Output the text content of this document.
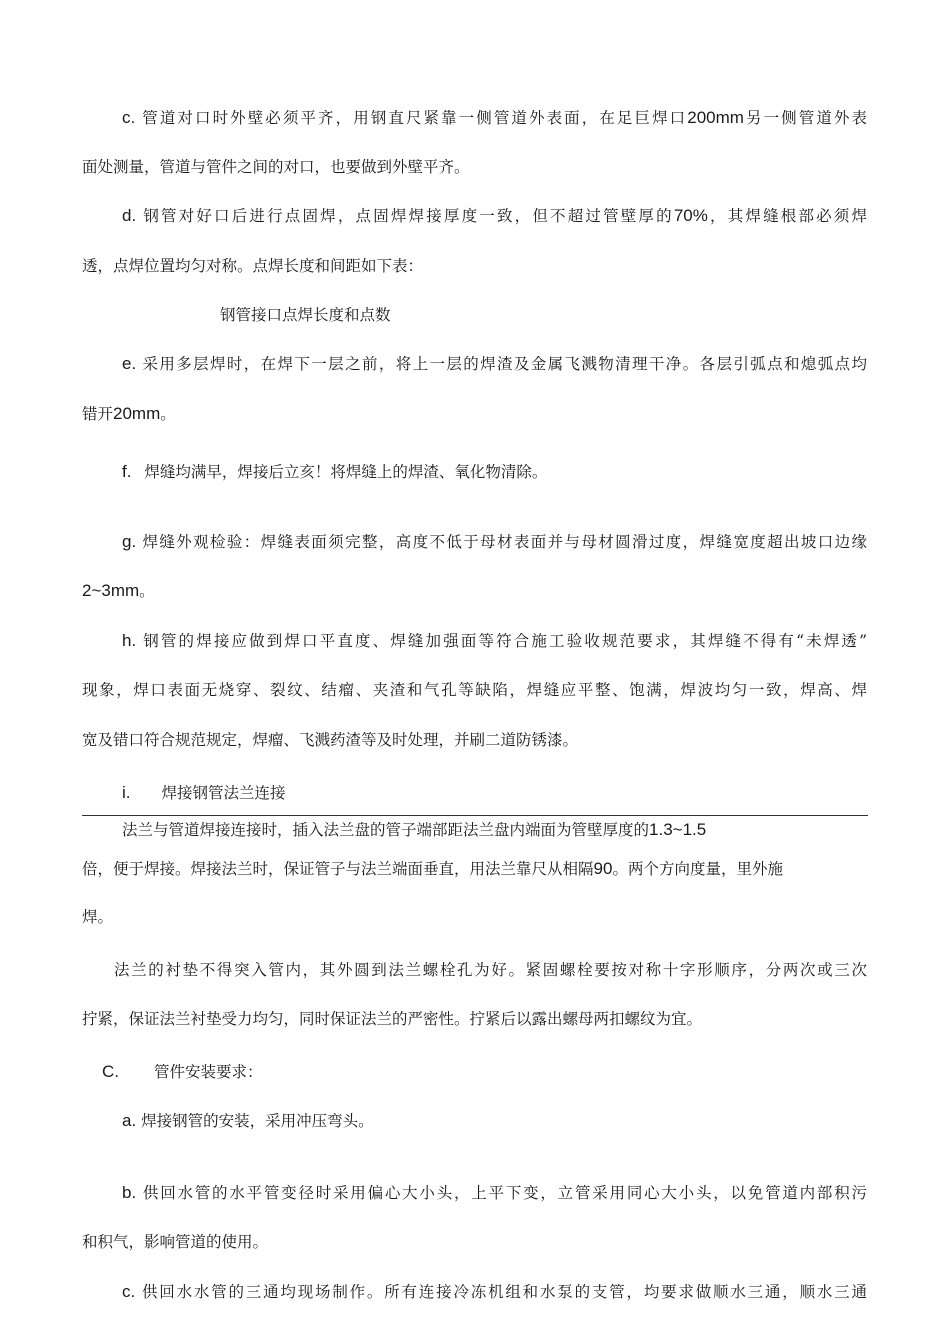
c. 管道对口时外壁必须平齐，用钢直尺紧靠一侧管道外表面，在足巨焊口200mm另一侧管道外表
面处测量，管道与管件之间的对口，也要做到外壁平齐。
d. 钢管对好口后进行点固焊，点固焊焊接厚度一致，但不超过管壁厚的70%，其焊缝根部必须焊
透，点焊位置均匀对称。点焊长度和间距如下表：
钢管接口点焊长度和点数
e. 采用多层焊时，在焊下一层之前，将上一层的焊渣及金属飞溅物清理干净。各层引弧点和熄弧点均
错开20mm。
f. 焊缝均满早，焊接后立亥！将焊缝上的焊渣、氧化物清除。
g. 焊缝外观检验：焊缝表面须完整，高度不低于母材表面并与母材圆滑过度，焊缝宽度超出坡口边缘
2~3mm。
h. 钢管的焊接应做到焊口平直度、焊缝加强面等符合施工验收规范要求，其焊缝不得有“未焊透”
现象，焊口表面无烧穿、裂纹、结瘤、夹渣和气孔等缺陷，焊缝应平整、饱满，焊波均匀一致，焊高、焊
宽及错口符合规范规定，焊瘤、飞溅药渣等及时处理，并刷二道防锈漆。
i. 焊接钢管法兰连接
法兰与管道焊接连接时，插入法兰盘的管子端部距法兰盘内端面为管壁厚度的1.3~1.5
倍，便于焊接。焊接法兰时，保证管子与法兰端面垂直，用法兰靠尺从相隔90。两个方向度量，里外施
焊。
法兰的衬垫不得突入管内，其外圆到法兰螺栓孔为好。紧固螺栓要按对称十字形顺序，分两次或三次
拧紧，保证法兰衬垫受力均匀，同时保证法兰的严密性。拧紧后以露出螺母两扣螺纹为宜。
C. 管件安装要求：
a. 焊接钢管的安装，采用冲压弯头。
b. 供回水管的水平管变径时采用偏心大小头，上平下变，立管采用同心大小头，以免管道内部积污
和积气，影响管道的使用。
c. 供回水水管的三通均现场制作。所有连接冷冻机组和水泵的支管，均要求做顺水三通，顺水三通
